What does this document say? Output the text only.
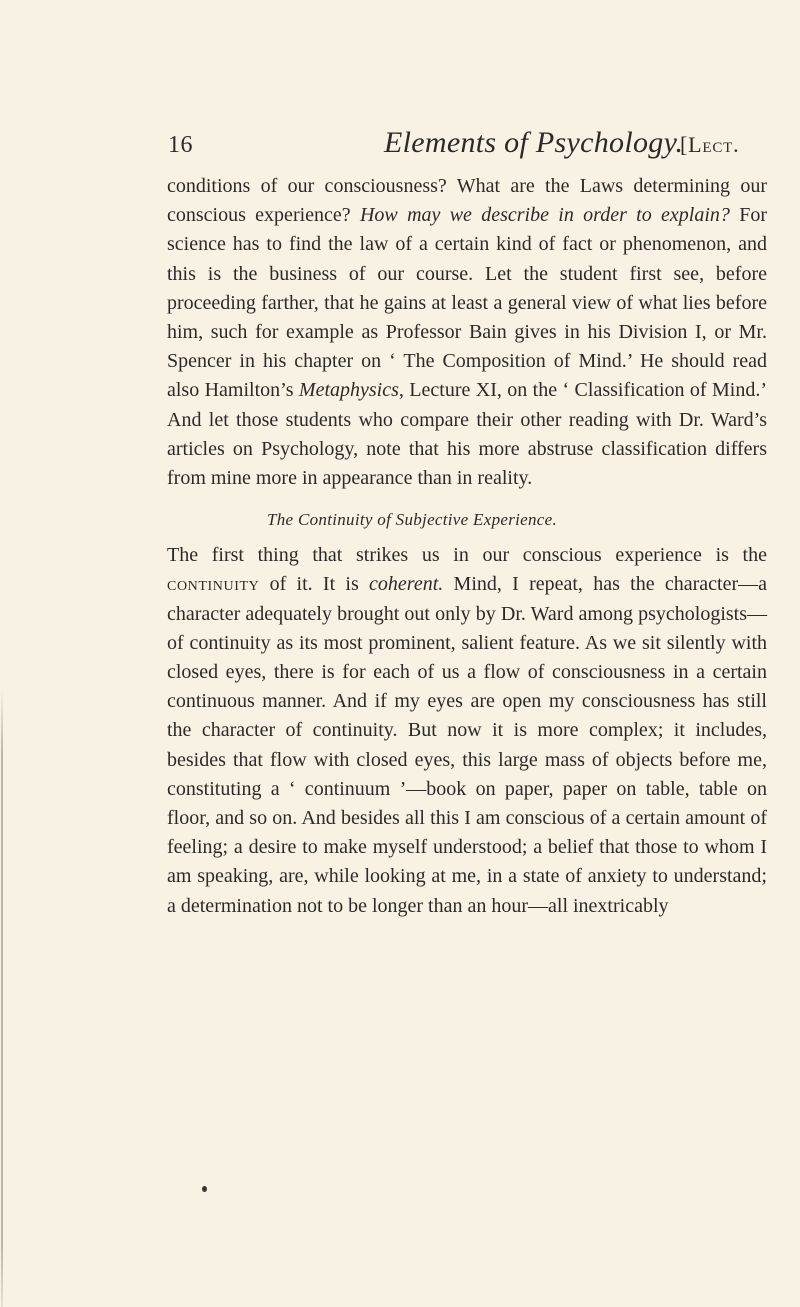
16	Elements of Psychology.
[Lect.

conditions of our consciousness? What are the Laws determining our conscious experience? How may we describe in order to explain? For science has to find the law of a certain kind of fact or phenomenon, and this is the business of our course. Let the student first see, before proceeding farther, that he gains at least a general view of what lies before him, such for example as Professor Bain gives in his Division I, or Mr. Spencer in his chapter on ‘ The Composition of Mind.’ He should read also Hamilton’s Metaphysics, Lecture XI, on the ‘ Classification of Mind.’ And let those students who compare their other reading with Dr. Ward’s articles on Psychology, note that his more abstruse classification differs from mine more in appearance than in reality.

The Continuity of Subjective Experience.

The first thing that strikes us in our conscious experience is the continuity of it. It is coherent. Mind, I repeat, has the character—a character adequately brought out only by Dr. Ward among psychologists—of continuity as its most prominent, salient feature. As we sit silently with closed eyes, there is for each of us a flow of consciousness in a certain continuous manner. And if my eyes are open my consciousness has still the character of continuity. But now it is more complex; it includes, besides that flow with closed eyes, this large mass of objects before me, constituting a ‘ continuum ’—book on paper, paper on table, table on floor, and so on. And besides all this I am conscious of a certain amount of feeling; a desire to make myself understood; a belief that those to whom I am speaking, are, while looking at me, in a state of anxiety to understand; a determination not to be longer than an hour—all inextricably
